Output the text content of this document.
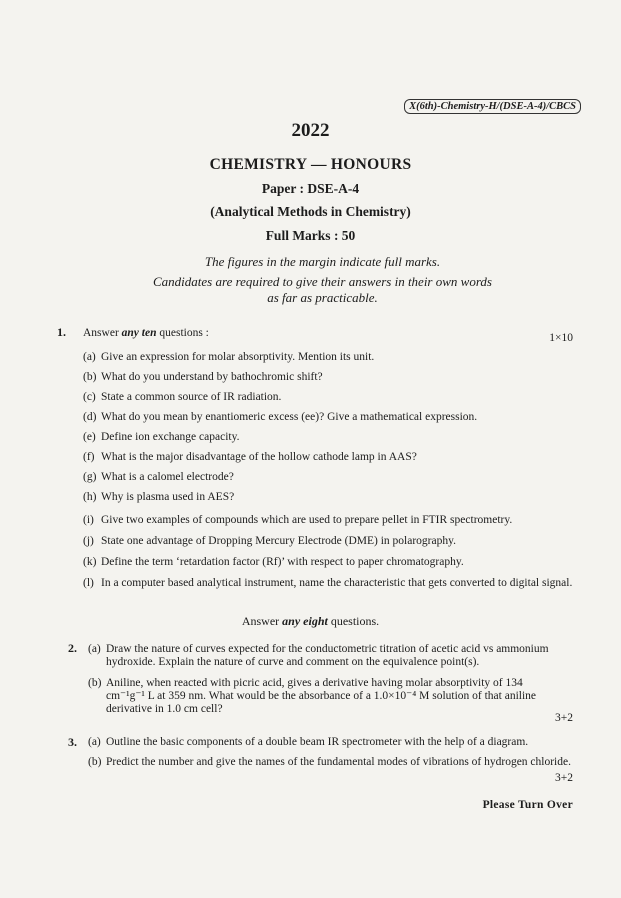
X(6th)-Chemistry-H/(DSE-A-4)/CBCS
2022
CHEMISTRY — HONOURS
Paper : DSE-A-4
(Analytical Methods in Chemistry)
Full Marks : 50
The figures in the margin indicate full marks.
Candidates are required to give their answers in their own words
as far as practicable.
1. Answer any ten questions :	1×10
(a) Give an expression for molar absorptivity. Mention its unit.
(b) What do you understand by bathochromic shift?
(c) State a common source of IR radiation.
(d) What do you mean by enantiomeric excess (ee)? Give a mathematical expression.
(e) Define ion exchange capacity.
(f) What is the major disadvantage of the hollow cathode lamp in AAS?
(g) What is a calomel electrode?
(h) Why is plasma used in AES?
(i) Give two examples of compounds which are used to prepare pellet in FTIR spectrometry.
(j) State one advantage of Dropping Mercury Electrode (DME) in polarography.
(k) Define the term ‘retardation factor (Rf)’ with respect to paper chromatography.
(l) In a computer based analytical instrument, name the characteristic that gets converted to digital signal.
Answer any eight questions.
2. (a) Draw the nature of curves expected for the conductometric titration of acetic acid vs ammonium hydroxide. Explain the nature of curve and comment on the equivalence point(s).
(b) Aniline, when reacted with picric acid, gives a derivative having molar absorptivity of 134 cm⁻¹g⁻¹ L at 359 nm. What would be the absorbance of a 1.0×10⁻⁴ M solution of that aniline derivative in 1.0 cm cell?
3+2
3. (a) Outline the basic components of a double beam IR spectrometer with the help of a diagram.
(b) Predict the number and give the names of the fundamental modes of vibrations of hydrogen chloride.
3+2
Please Turn Over
